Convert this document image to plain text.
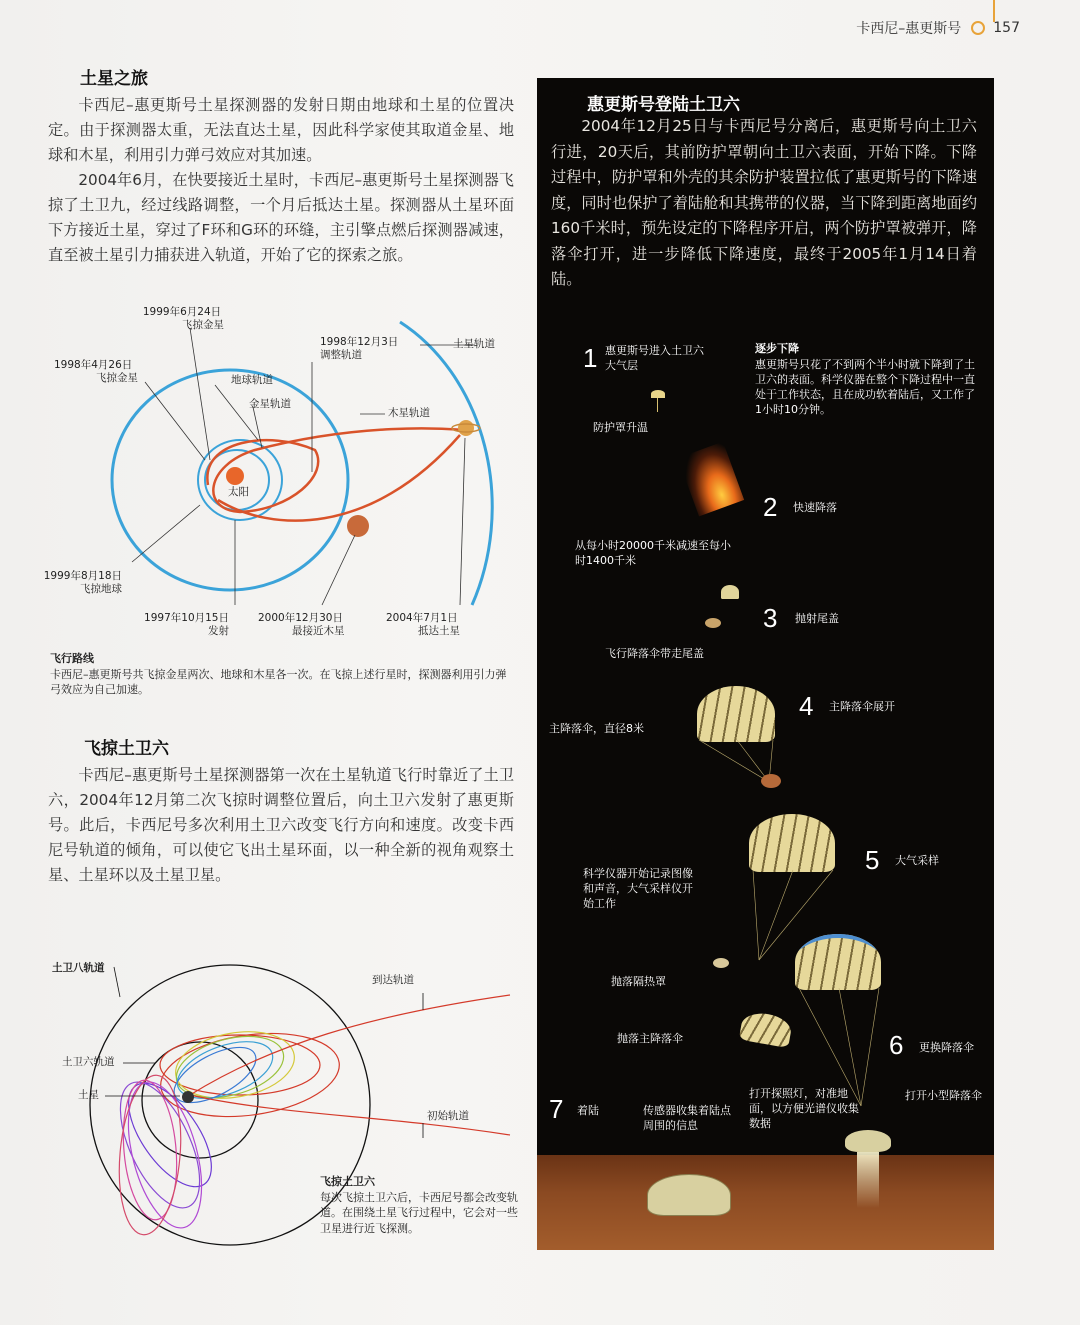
卡西尼–惠更斯号 157
土星之旅
卡西尼–惠更斯号土星探测器的发射日期由地球和土星的位置决定。由于探测器太重，无法直达土星，因此科学家使其取道金星、地球和木星，利用引力弹弓效应对其加速。
2004年6月，在快要接近土星时，卡西尼–惠更斯号土星探测器飞掠了土卫九，经过线路调整，一个月后抵达土星。探测器从土星环面下方接近土星，穿过了F环和G环的环缝，主引擎点燃后探测器减速，直至被土星引力捕获进入轨道，开始了它的探索之旅。
1999年6月24日
飞掠金星
1998年4月26日
飞掠金星
1998年12月3日
调整轨道
土星轨道
地球轨道
金星轨道
木星轨道
太阳
1999年8月18日
飞掠地球
1997年10月15日
发射
2000年12月30日
最接近木星
2004年7月1日
抵达土星
飞行路线
卡西尼–惠更斯号共飞掠金星两次、地球和木星各一次。在飞掠上述行星时，探测器利用引力弹弓效应为自己加速。
飞掠土卫六
卡西尼–惠更斯号土星探测器第一次在土星轨道飞行时靠近了土卫六，2004年12月第二次飞掠时调整位置后，向土卫六发射了惠更斯号。此后，卡西尼号多次利用土卫六改变飞行方向和速度。改变卡西尼号轨道的倾角，可以使它飞出土星环面，以一种全新的视角观察土星、土星环以及土星卫星。
土卫八轨道
到达轨道
土卫六轨道
土星
初始轨道
飞掠土卫六
每次飞掠土卫六后，卡西尼号都会改变轨道。在围绕土星飞行过程中，它会对一些卫星进行近飞探测。
惠更斯号登陆土卫六
2004年12月25日与卡西尼号分离后，惠更斯号向土卫六行进，20天后，其前防护罩朝向土卫六表面，开始下降。下降过程中，防护罩和外壳的其余防护装置拉低了惠更斯号的下降速度，同时也保护了着陆舱和其携带的仪器，当下降到距离地面约160千米时，预先设定的下降程序开启，两个防护罩被弹开，降落伞打开，进一步降低下降速度，最终于2005年1月14日着陆。
1 惠更斯号进入土卫六大气层
逐步下降
惠更斯号只花了不到两个半小时就下降到了土卫六的表面。科学仪器在整个下降过程中一直处于工作状态，且在成功软着陆后，又工作了1小时10分钟。
防护罩升温
2 快速降落
从每小时20000千米减速至每小时1400千米
3 抛射尾盖
飞行降落伞带走尾盖
4 主降落伞展开
主降落伞，直径8米
5 大气采样
科学仪器开始记录图像和声音，大气采样仪开始工作
抛落隔热罩
抛落主降落伞	6 更换降落伞
打开探照灯，对准地面，以方便光谱仪收集数据
打开小型降落伞
7 着陆	传感器收集着陆点周围的信息
